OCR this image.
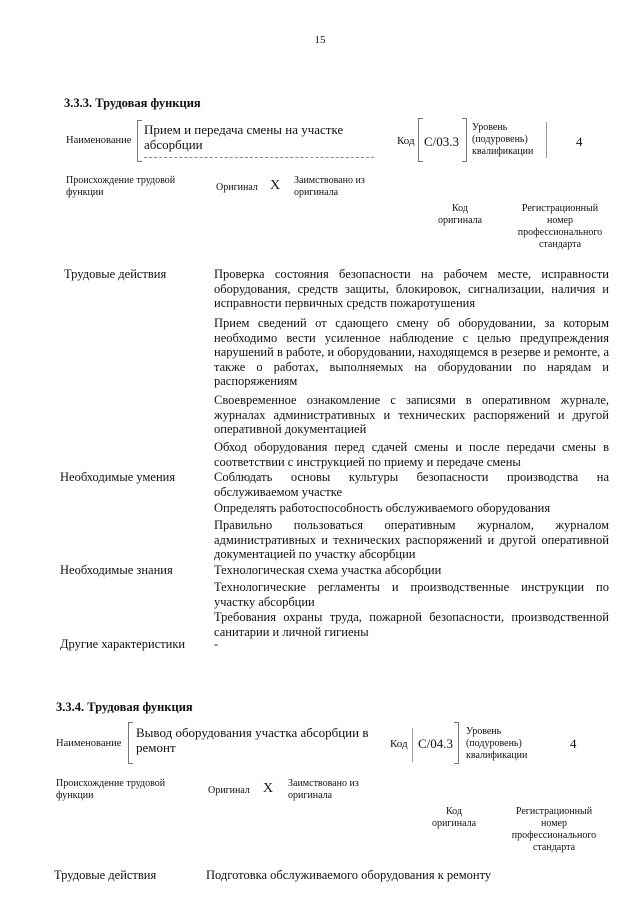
15
3.3.3. Трудовая функция
Наименование
Прием и передача смены на участке абсорбции	Код C/03.3
Уровень (подуровень) квалификации
4
Происхождение трудовой функции	Оригинал X Заимствовано из оригинала
Код оригинала
Регистрационный номер профессионального стандарта
Трудовые действия	Проверка состояния безопасности на рабочем месте, исправности оборудования, средств защиты, блокировок, сигнализации, наличия и исправности первичных средств пожаротушения
Прием сведений от сдающего смену об оборудовании, за которым необходимо вести усиленное наблюдение с целью предупреждения нарушений в работе, и оборудовании, находящемся в резерве и ремонте, а также о работах, выполняемых на оборудовании по нарядам и распоряжениям
Своевременное ознакомление с записями в оперативном журнале, журналах административных и технических распоряжений и другой оперативной документацией
Обход оборудования перед сдачей смены и после передачи смены в соответствии с инструкцией по приему и передаче смены
Необходимые умения	Соблюдать основы культуры безопасности производства на обслуживаемом участке
Определять работоспособность обслуживаемого оборудования
Правильно пользоваться оперативным журналом, журналом административных и технических распоряжений и другой оперативной документацией по участку абсорбции
Необходимые знания	Технологическая схема участка абсорбции
Технологические регламенты и производственные инструкции по участку абсорбции
Требования охраны труда, пожарной безопасности, производственной санитарии и личной гигиены
Другие характеристики -
3.3.4. Трудовая функция
Наименование
Вывод оборудования участка абсорбции в ремонт	Код C/04.3
Уровень (подуровень) квалификации
4
Происхождение трудовой функции	Оригинал X Заимствовано из оригинала
Код оригинала
Регистрационный номер профессионального стандарта
Трудовые действия	Подготовка обслуживаемого оборудования к ремонту
